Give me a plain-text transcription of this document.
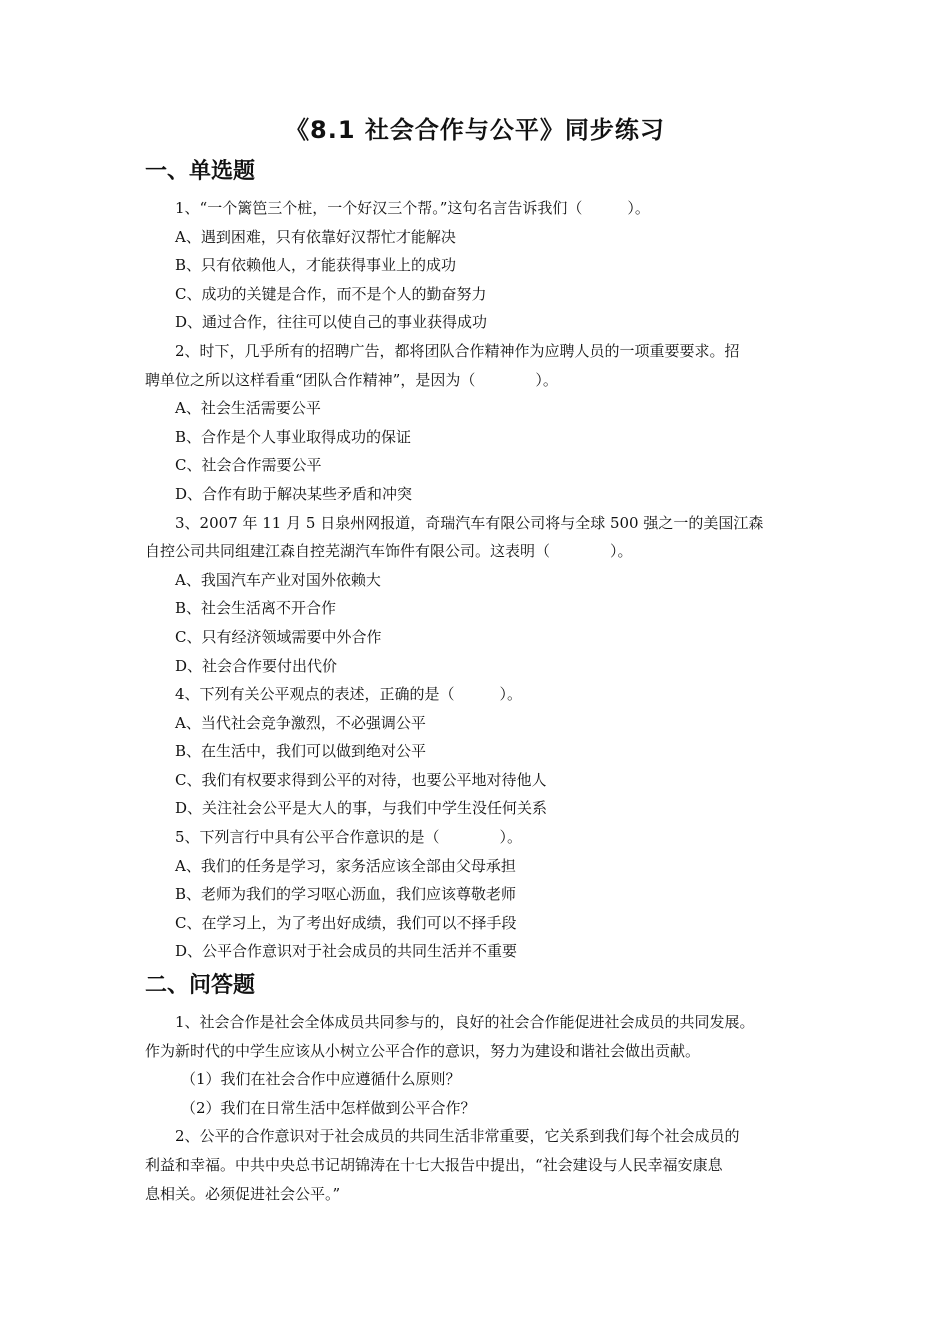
《8.1 社会合作与公平》同步练习
一、单选题

1、“一个篱笆三个桩，一个好汉三个帮。”这句名言告诉我们（　　　）。

A、遇到困难，只有依靠好汉帮忙才能解决

B、只有依赖他人，才能获得事业上的成功

C、成功的关键是合作，而不是个人的勤奋努力

D、通过合作，往往可以使自己的事业获得成功

2、时下，几乎所有的招聘广告，都将团队合作精神作为应聘人员的一项重要要求。招

聘单位之所以这样看重“团队合作精神”，是因为（　　　　）。

A、社会生活需要公平

B、合作是个人事业取得成功的保证

C、社会合作需要公平

D、合作有助于解决某些矛盾和冲突

3、2007 年 11 月 5 日泉州网报道，奇瑞汽车有限公司将与全球 500 强之一的美国江森

自控公司共同组建江森自控芜湖汽车饰件有限公司。这表明（　　　　）。

A、我国汽车产业对国外依赖大

B、社会生活离不开合作

C、只有经济领域需要中外合作

D、社会合作要付出代价

4、下列有关公平观点的表述，正确的是（　　　）。

A、当代社会竞争激烈，不必强调公平

B、在生活中，我们可以做到绝对公平

C、我们有权要求得到公平的对待，也要公平地对待他人

D、关注社会公平是大人的事，与我们中学生没任何关系

5、下列言行中具有公平合作意识的是（　　　　）。

A、我们的任务是学习，家务活应该全部由父母承担

B、老师为我们的学习呕心沥血，我们应该尊敬老师

C、在学习上，为了考出好成绩，我们可以不择手段

D、公平合作意识对于社会成员的共同生活并不重要

二、问答题

1、社会合作是社会全体成员共同参与的，良好的社会合作能促进社会成员的共同发展。

作为新时代的中学生应该从小树立公平合作的意识，努力为建设和谐社会做出贡献。

（1）我们在社会合作中应遵循什么原则？

（2）我们在日常生活中怎样做到公平合作？

2、公平的合作意识对于社会成员的共同生活非常重要，它关系到我们每个社会成员的

利益和幸福。中共中央总书记胡锦涛在十七大报告中提出，“社会建设与人民幸福安康息

息相关。必须促进社会公平。”
